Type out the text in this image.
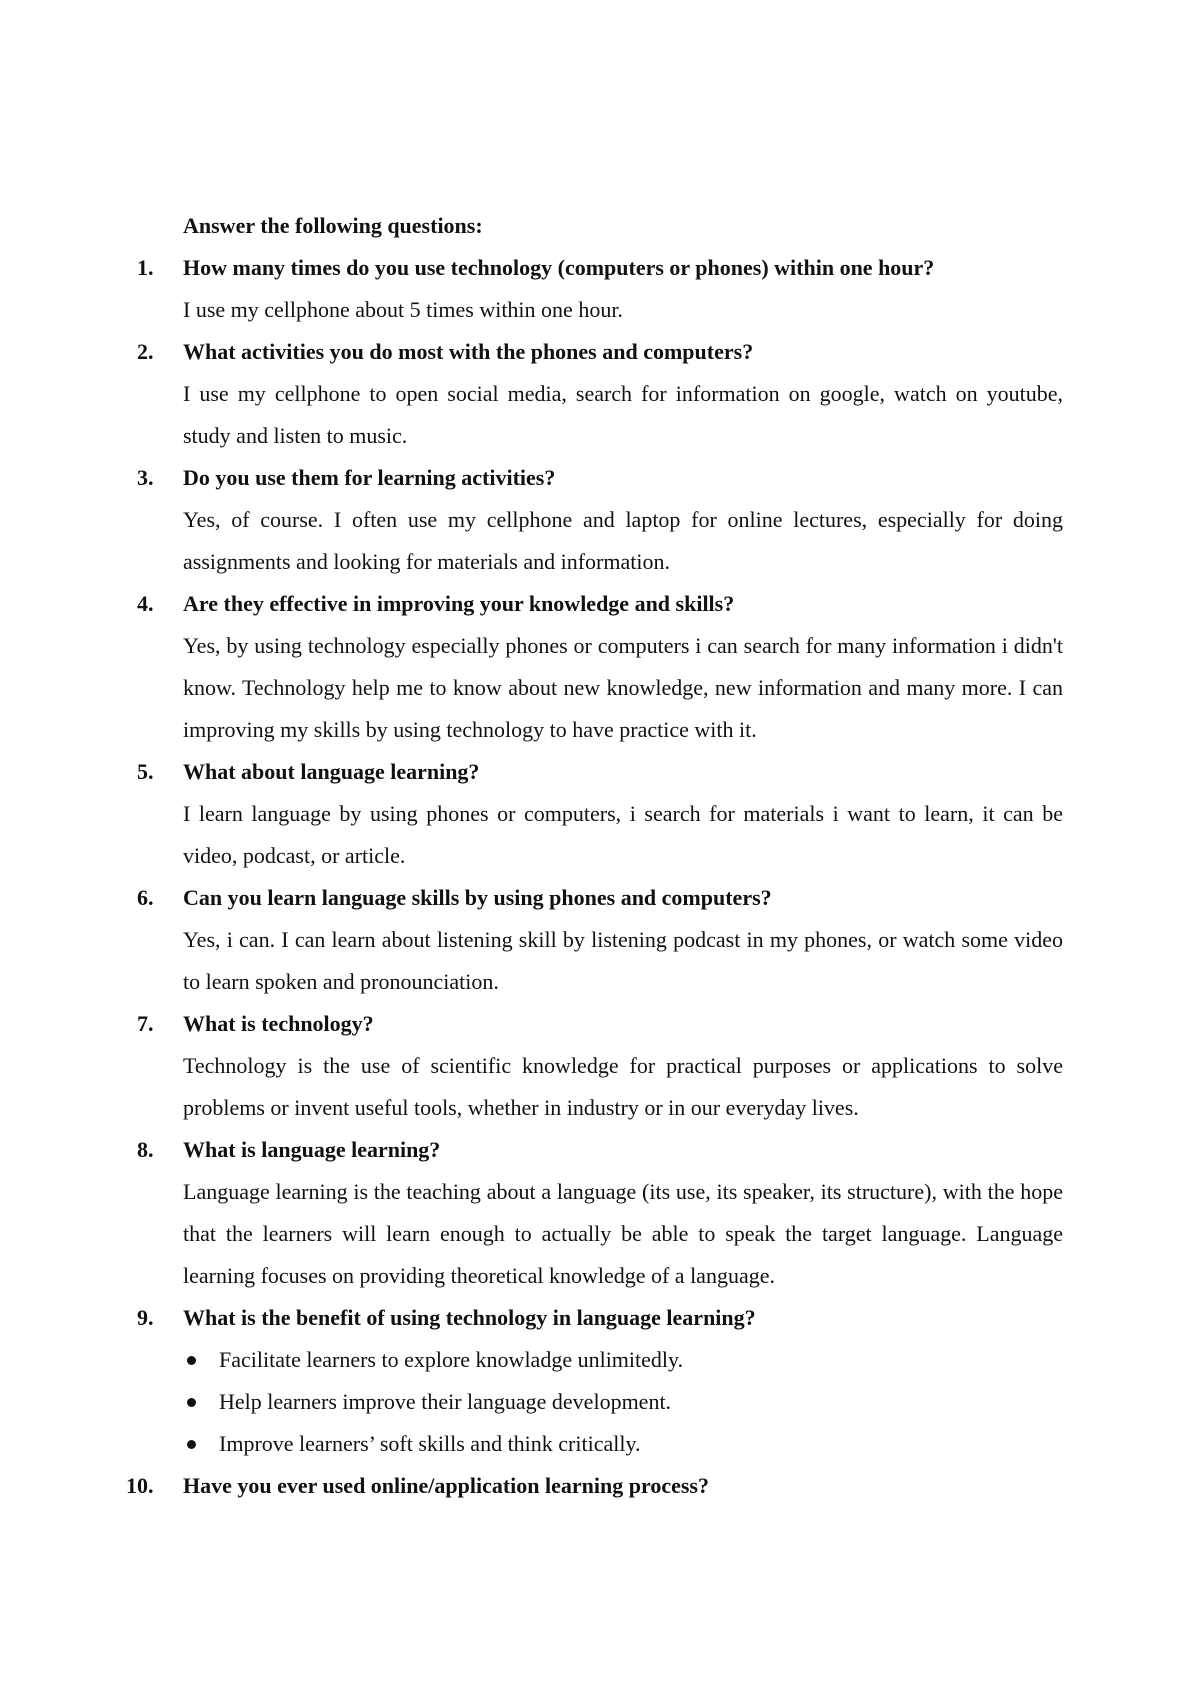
Answer the following questions:
1.	How many times do you use technology (computers or phones) within one hour?

I use my cellphone about 5 times within one hour.

2.	What activities you do most with the phones and computers?

I use my cellphone to open social media, search for information on google, watch on youtube, study and listen to music.

3.	Do you use them for learning activities?

Yes, of course. I often use my cellphone and laptop for online lectures, especially for doing assignments and looking for materials and information.

4.	Are they effective in improving your knowledge and skills?

Yes, by using technology especially phones or computers i can search for many information i didn't know. Technology help me to know about new knowledge, new information and many more. I can improving my skills by using technology to have practice with it.

5.	What about language learning?

I learn language by using phones or computers, i search for materials i want to learn, it can be video, podcast, or article.

6.	Can you learn language skills by using phones and computers?

Yes, i can. I can learn about listening skill by listening podcast in my phones, or watch some video to learn spoken and pronounciation.

7.	What is technology?

Technology is the use of scientific knowledge for practical purposes or applications to solve problems or invent useful tools, whether in industry or in our everyday lives.

8.	What is language learning?

Language learning is the teaching about a language (its use, its speaker, its structure), with the hope that the learners will learn enough to actually be able to speak the target language. Language learning focuses on providing theoretical knowledge of a language.

9.	What is the benefit of using technology in language learning?
Facilitate learners to explore knowladge unlimitedly.
Help learners improve their language development.
Improve learners’ soft skills and think critically.
10.	Have you ever used online/application learning process?
